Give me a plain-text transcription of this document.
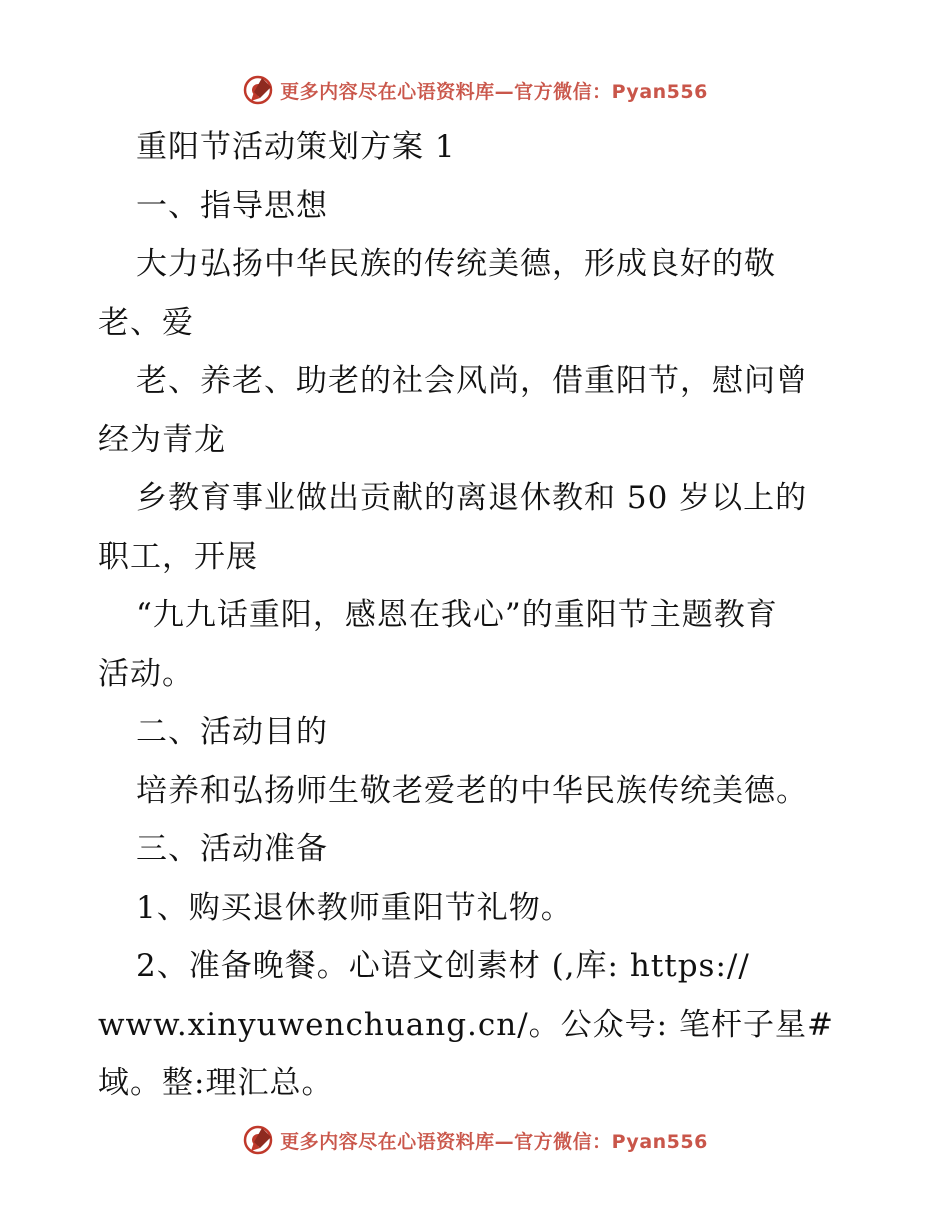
更多内容尽在心语资料库—官方微信：Pyan556
重阳节活动策划方案 1
一、指导思想
大力弘扬中华民族的传统美德，形成良好的敬
老、爱
老、养老、助老的社会风尚，借重阳节，慰问曾
经为青龙
乡教育事业做出贡献的离退休教和 50 岁以上的
职工，开展
“九九话重阳，感恩在我心”的重阳节主题教育
活动。
二、活动目的
培养和弘扬师生敬老爱老的中华民族传统美德。
三、活动准备
1、购买退休教师重阳节礼物。
2、准备晚餐。心语文创素材 (,库: https://
www.xinyuwenchuang.cn/。公众号: 笔杆子星#
域。整:理汇总。
更多内容尽在心语资料库—官方微信：Pyan556
